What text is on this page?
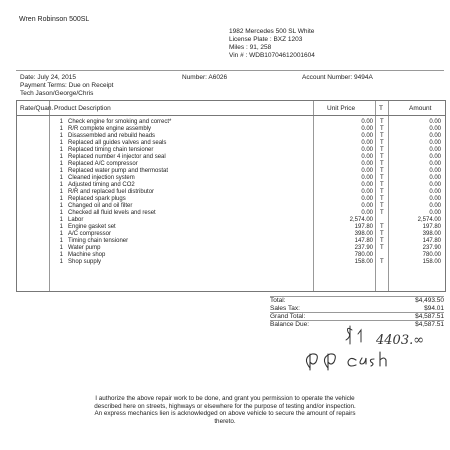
Wren Robinson 500SL
1982 Mercedes 500 SL White
License Plate : BXZ 1203
Miles : 91, 258
Vin # : WDB10704612001604
Date: July 24, 2015
Payment Terms: Due on Receipt
Tech Jason/George/Chris
Number: A6026	Account Number: 9494A
Rate/Quan. Product Description	Unit Price	T	Amount
1 Check engine for smoking and correct*	0.00 T	0.00
1 R/R complete engine assembly	0.00 T	0.00
1 Disassembled and rebuild heads	0.00 T	0.00
1 Replaced all guides valves and seals	0.00 T	0.00
1 Replaced timing chain tensioner	0.00 T	0.00
1 Replaced number 4 injector and seal	0.00 T	0.00
1 Replaced A/C compressor	0.00 T	0.00
1 Replaced water pump and thermostat	0.00 T	0.00
1 Cleaned injection system	0.00 T	0.00
1 Adjusted timing and CO2	0.00 T	0.00
1 R/R and replaced fuel distributor	0.00 T	0.00
1 Replaced spark plugs	0.00 T	0.00
1 Changed oil and oil filter	0.00 T	0.00
1 Checked all fluid levels and reset	0.00 T	0.00
1 Labor	2,574.00	2,574.00
1 Engine gasket set	197.80 T	197.80
1 A/C compressor	398.00 T	398.00
1 Timing chain tensioner	147.80 T	147.80
1 Water pump	237.90 T	237.90
1 Machine shop	780.00	780.00
1 Shop supply	158.00 T	158.00
Total:	$4,493.50
Sales Tax:	$94.01
Grand Total:	$4,587.51
Balance Due:	$4,587.51
4403.∞
I authorize the above repair work to be done, and grant you permission to operate the vehicle described here on streets, highways or elsewhere for the purpose of testing and/or inspection. An express mechanics lien is acknowledged on above vehicle to secure the amount of repairs thereto.
